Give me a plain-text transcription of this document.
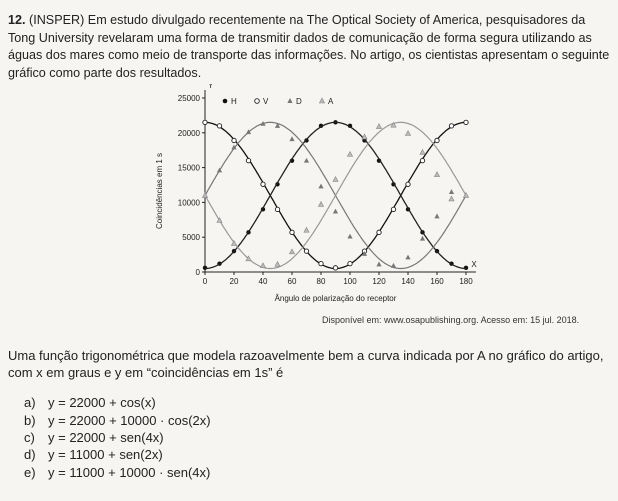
12. (INSPER) Em estudo divulgado recentemente na The Optical Society of America, pesquisadores da Tong University revelaram uma forma de transmitir dados de comunicação de forma segura utilizando as águas dos mares como meio de transporte das informações. No artigo, os cientistas apresentam o seguinte gráfico como parte dos resultados.
Y
X
0	20	40	60	80 100 120 140 160 180
0
5000
10000
15000
20000
25000
Ângulo de polarização do receptor
Coincidências em 1 s
H	V	D	A
Disponível em: www.osapublishing.org. Acesso em: 15 jul. 2018.
Uma função trigonométrica que modela razoavelmente bem a curva indicada por A no gráfico do artigo, com x em graus e y em “coincidências em 1s” é
a) y = 22000 + cos(x)
b) y = 22000 + 10000 · cos(2x)
c)	y = 22000 + sen(4x)
d) y = 11000 + sen(2x)
e) y = 11000 + 10000 · sen(4x)
